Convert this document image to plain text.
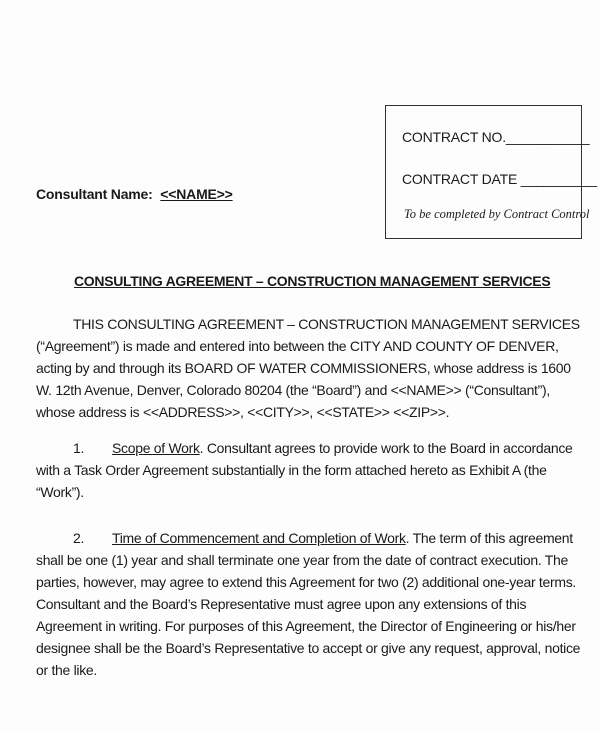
CONTRACT NO.___________
CONTRACT DATE __________
To be completed by Contract Control
Consultant Name: <<NAME>>
CONSULTING AGREEMENT – CONSTRUCTION MANAGEMENT SERVICES
THIS CONSULTING AGREEMENT – CONSTRUCTION MANAGEMENT SERVICES
(“Agreement”) is made and entered into between the CITY AND COUNTY OF DENVER,
acting by and through its BOARD OF WATER COMMISSIONERS, whose address is 1600
W. 12th Avenue, Denver, Colorado 80204 (the “Board”) and <<NAME>> (“Consultant”),
whose address is <<ADDRESS>>, <<CITY>>, <<STATE>> <<ZIP>>.
1. Scope of Work. Consultant agrees to provide work to the Board in accordance
with a Task Order Agreement substantially in the form attached hereto as Exhibit A (the
“Work”).
2. Time of Commencement and Completion of Work. The term of this agreement
shall be one (1) year and shall terminate one year from the date of contract execution. The
parties, however, may agree to extend this Agreement for two (2) additional one-year terms.
Consultant and the Board’s Representative must agree upon any extensions of this
Agreement in writing. For purposes of this Agreement, the Director of Engineering or his/her
designee shall be the Board’s Representative to accept or give any request, approval, notice
or the like.
